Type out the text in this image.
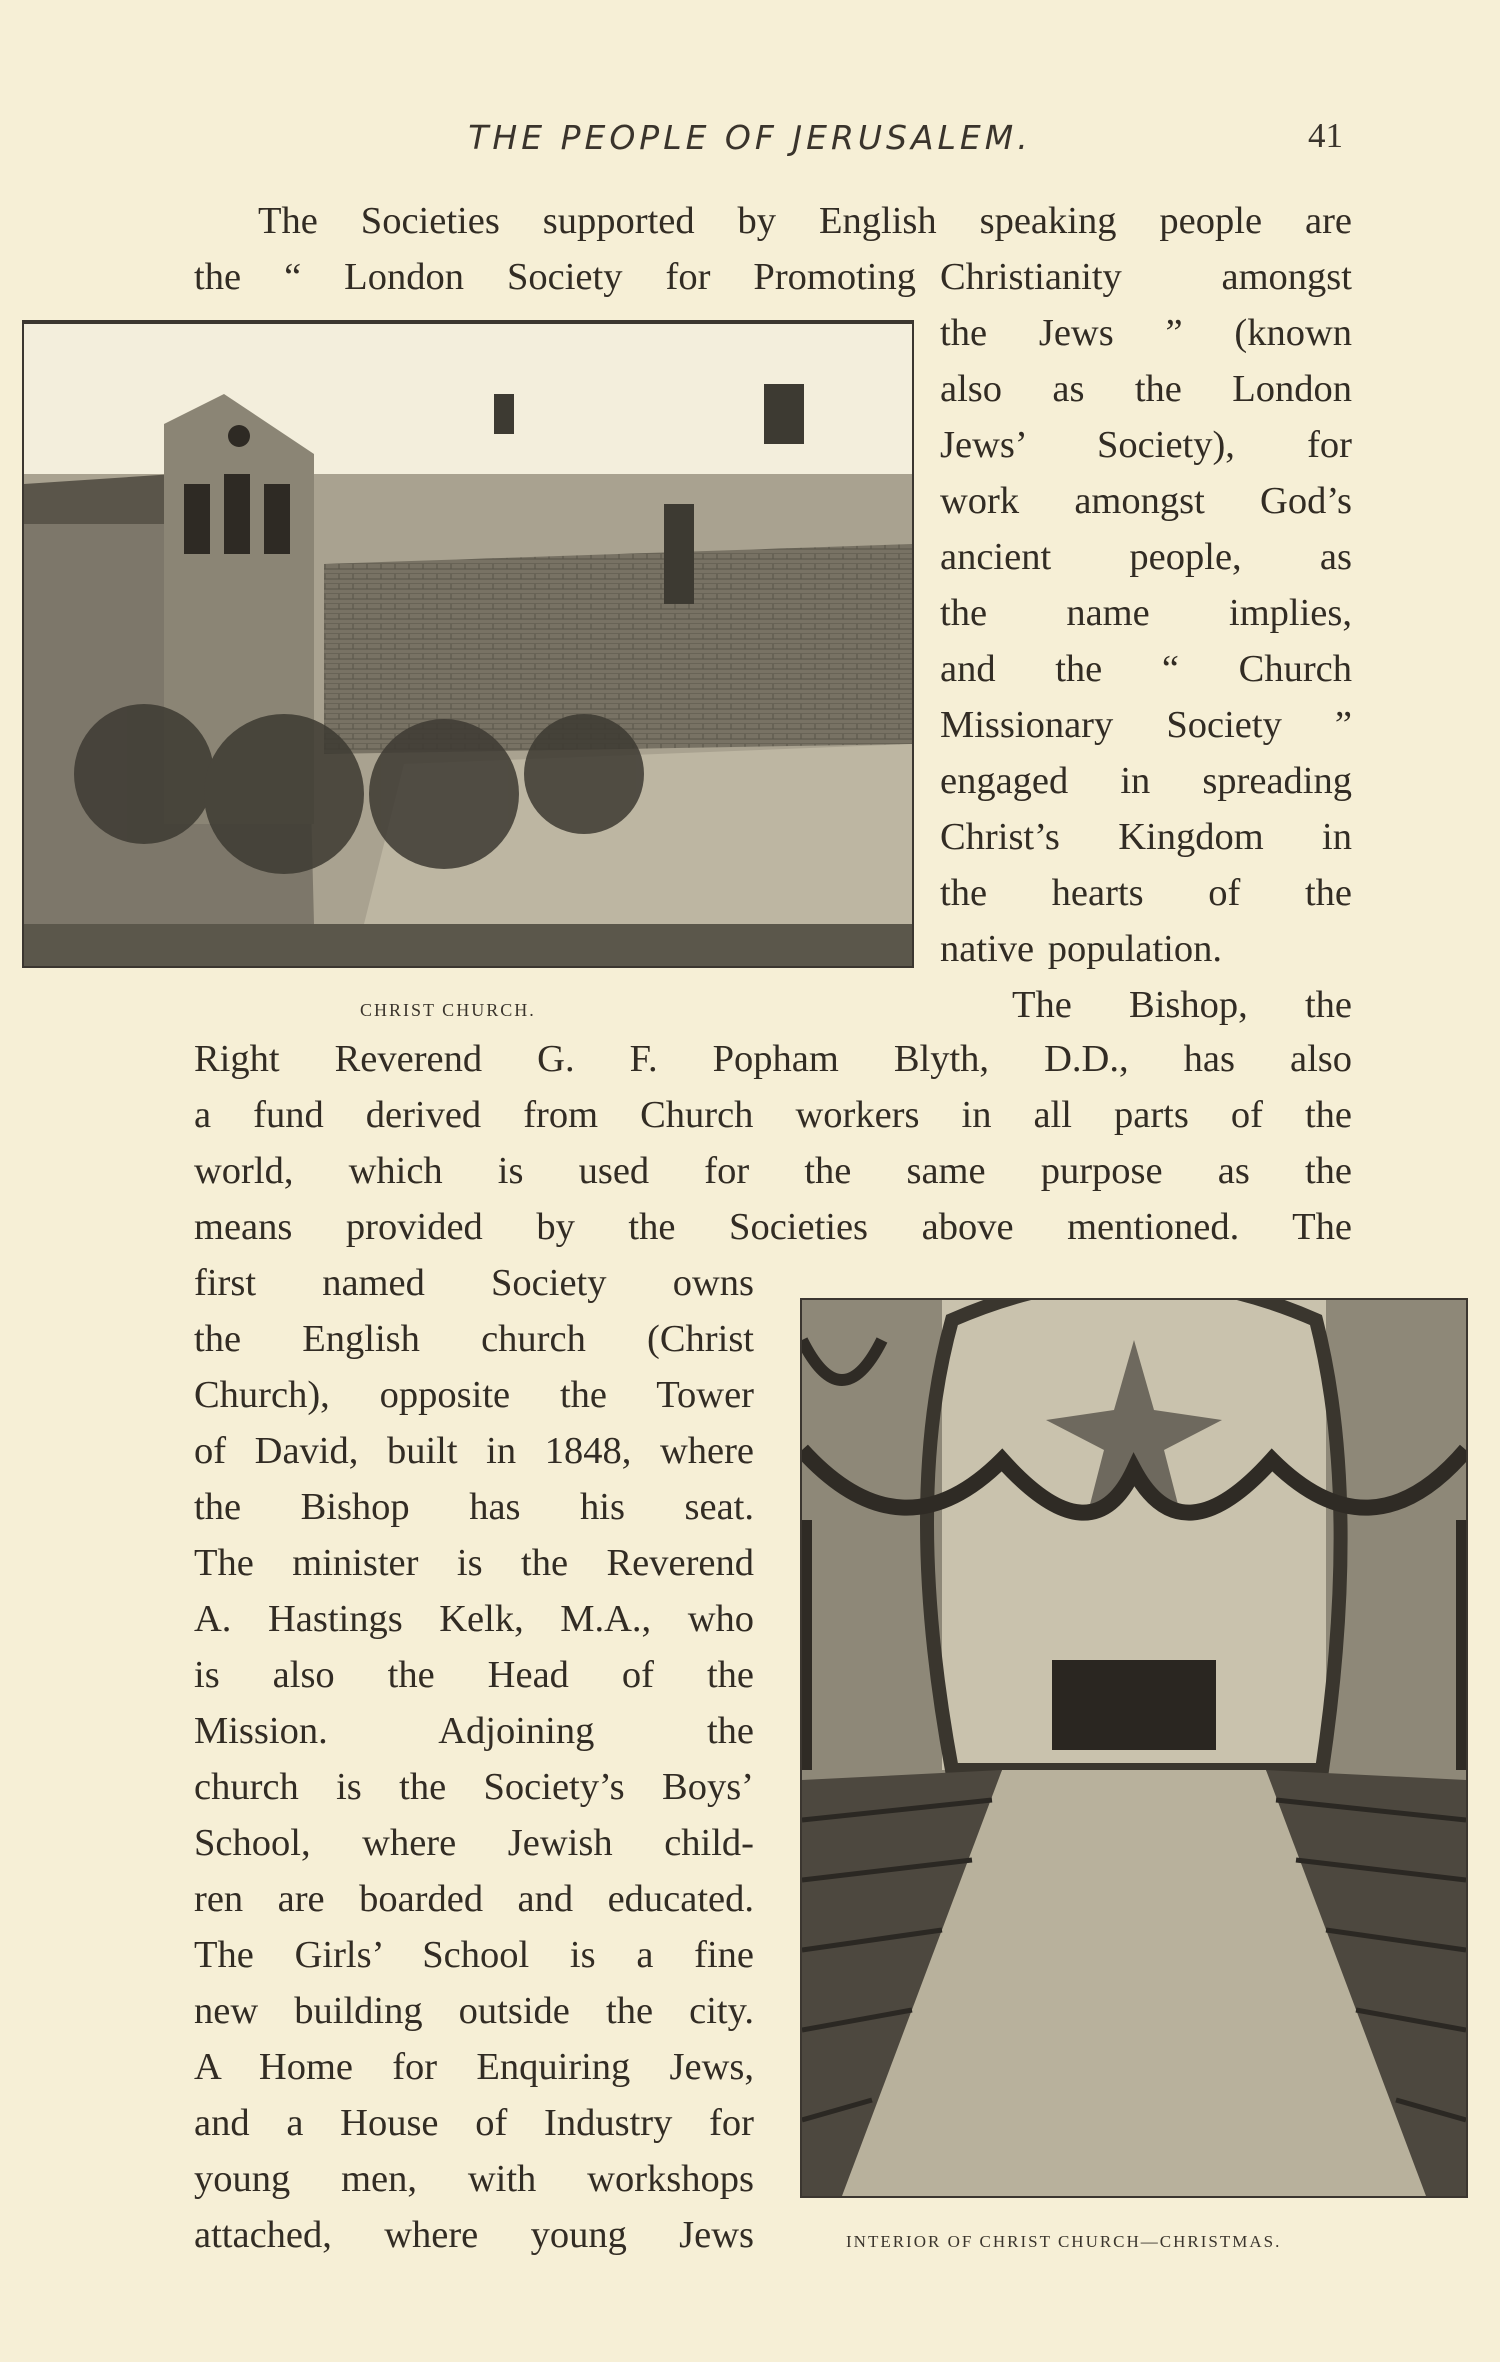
THE PEOPLE OF JERUSALEM.	41
The Societies supported by English speaking people are
the “ London Society for Promoting Christianity amongst
CHRIST CHURCH.
the Jews ” (known
also as the London
Jews’ Society), for
work amongst God’s
ancient people, as
the name implies,
and the “ Church
Missionary Society ”
engaged in spreading
Christ’s Kingdom in
the hearts of the
native population.
The Bishop, the
Right Reverend G. F. Popham Blyth, D.D., has also
a fund derived from Church workers in all parts of the
world, which is used for the same purpose as the
means provided by the Societies above mentioned. The
first named Society owns
the English church (Christ
Church), opposite the Tower
of David, built in 1848, where
the Bishop has his seat.
The minister is the Reverend
A. Hastings Kelk, M.A., who
is also the Head of the
Mission. Adjoining the
church is the Society’s Boys’
School, where Jewish child-
ren are boarded and educated.
The Girls’ School is a fine
new building outside the city.
A Home for Enquiring Jews,
and a House of Industry for
young men, with workshops
attached, where young Jews	INTERIOR OF CHRIST CHURCH—CHRISTMAS.
